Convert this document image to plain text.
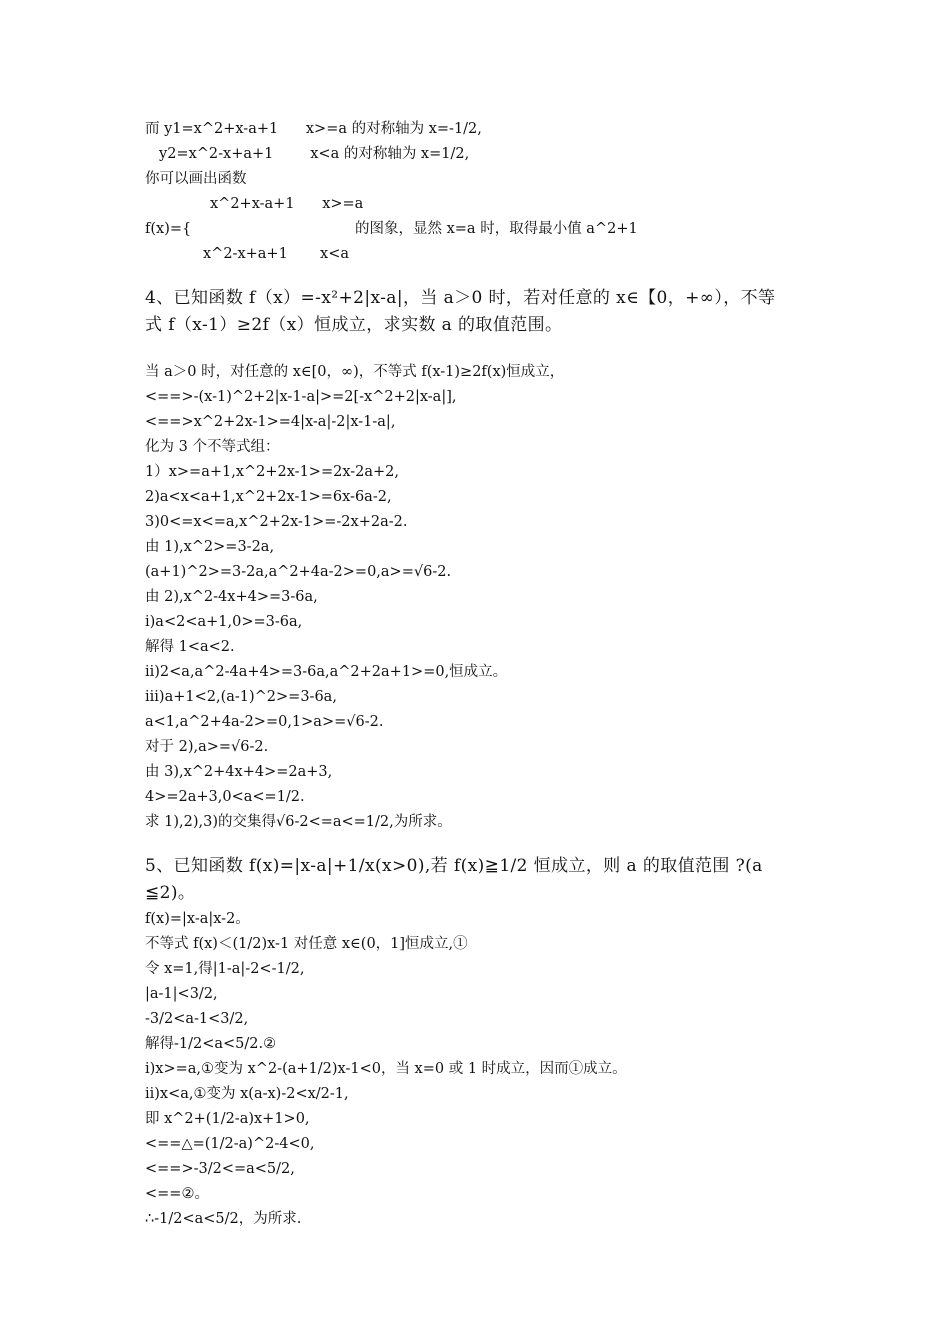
而 y1=x^2+x-a+1      x>=a 的对称轴为 x=-1/2,
y2=x^2-x+a+1        x<a 的对称轴为 x=1/2,
你可以画出函数
x^2+x-a+1      x>=a
f(x)={	的图象，显然 x=a 时，取得最小值 a^2+1
x^2-x+a+1       x<a
4、已知函数 f（x）=-x²+2|x-a|，当 a＞0 时，若对任意的 x∈【0，+∞），不等
式 f（x-1）≥2f（x）恒成立，求实数 a 的取值范围。
当 a＞0 时，对任意的 x∈[0，∞)，不等式 f(x-1)≥2f(x)恒成立，
<==>-(x-1)^2+2|x-1-a|>=2[-x^2+2|x-a|],
<==>x^2+2x-1>=4|x-a|-2|x-1-a|,
化为 3 个不等式组：
1）x>=a+1,x^2+2x-1>=2x-2a+2,
2)a<x<a+1,x^2+2x-1>=6x-6a-2,
3)0<=x<=a,x^2+2x-1>=-2x+2a-2.
由 1),x^2>=3-2a,
(a+1)^2>=3-2a,a^2+4a-2>=0,a>=√6-2.
由 2),x^2-4x+4>=3-6a,
i)a<2<a+1,0>=3-6a,
解得 1<a<2.
ii)2<a,a^2-4a+4>=3-6a,a^2+2a+1>=0,恒成立。
iii)a+1<2,(a-1)^2>=3-6a,
a<1,a^2+4a-2>=0,1>a>=√6-2.
对于 2),a>=√6-2.
由 3),x^2+4x+4>=2a+3,
4>=2a+3,0<a<=1/2.
求 1),2),3)的交集得√6-2<=a<=1/2,为所求。
5、已知函数 f(x)=|x-a|+1/x(x>0),若 f(x)≧1/2 恒成立，则 a 的取值范围 ?(a
≦2)。
f(x)=|x-a|x-2。
不等式 f(x)＜(1/2)x-1 对任意 x∈(0，1]恒成立,①
令 x=1,得|1-a|-2<-1/2,
|a-1|<3/2,
-3/2<a-1<3/2,
解得-1/2<a<5/2.②
i)x>=a,①变为 x^2-(a+1/2)x-1<0，当 x=0 或 1 时成立，因而①成立。
ii)x<a,①变为 x(a-x)-2<x/2-1,
即 x^2+(1/2-a)x+1>0,
<==△=(1/2-a)^2-4<0,
<==>-3/2<=a<5/2,
<==②。
∴-1/2<a<5/2，为所求.
